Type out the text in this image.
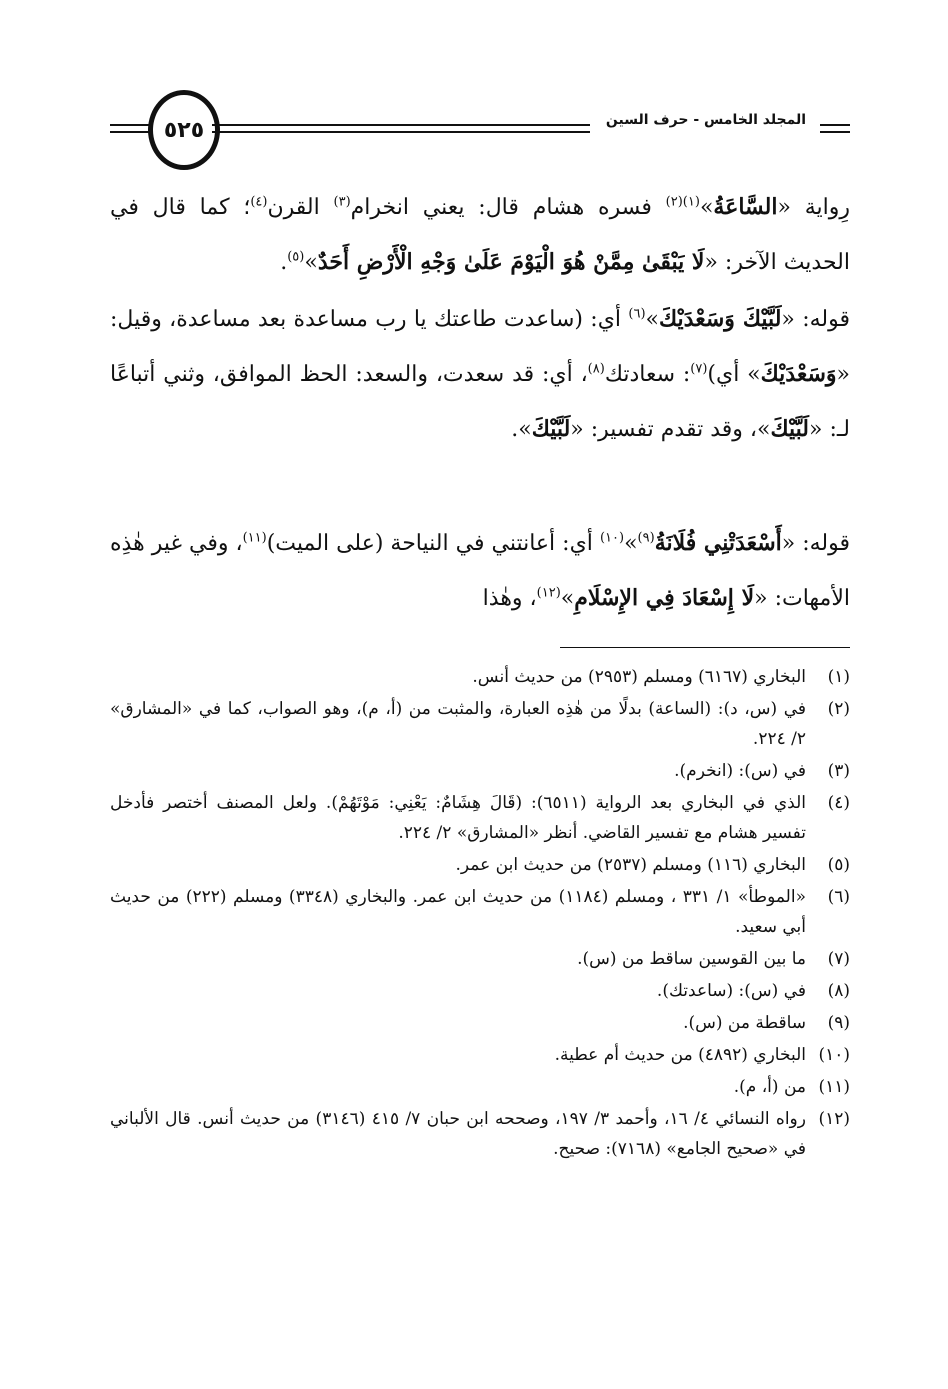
٥٢٥	المجلد الخامس - حرف السين
رِواية «السَّاعَةُ»$^{(١)(٢)}$ فسره هشام قال: يعني انخرام$^{(٣)}$ القرن$^{(٤)}$؛ كما قال في الحديث الآخر: «لَا يَبْقَىٰ مِمَّنْ هُوَ الْيَوْمَ عَلَىٰ وَجْهِ الْأَرْضِ أَحَدٌ»$^{(٥)}$.
قوله: «لَبَّيْكَ وَسَعْدَيْكَ»$^{(٦)}$ أي: (ساعدت طاعتك يا رب مساعدة بعد مساعدة، وقيل: «وَسَعْدَيْكَ» أي)$^{(٧)}$: سعادتك$^{(٨)}$، أي: قد سعدت، والسعد: الحظ الموافق، وثني أتباعًا لـ: «لَبَّيْكَ»، وقد تقدم تفسير: «لَبَّيْكَ».
قوله: «أَسْعَدَتْنِي فُلَانَةُ$^{(٩)}$»$^{(١٠)}$ أي: أعانتني في النياحة (على الميت)$^{(١١)}$، وفي غير هٰذِه الأمهات: «لَا إِسْعَادَ فِي الإِسْلَامِ»$^{(١٢)}$، وهٰذا
(١)
البخاري (٦١٦٧) ومسلم (٢٩٥٣) من حديث أنس.
(٢)
في (س، د): (الساعة) بدلًا من هٰذِه العبارة، والمثبت من (أ، م)، وهو الصواب، كما في «المشارق» ٢/ ٢٢٤.
(٣)
في (س): (انخرم).
(٤)
الذي في البخاري بعد الرواية (٦٥١١): (قَالَ هِشَامٌ: يَعْنِي: مَوْتَهُمْ). ولعل المصنف أختصر فأدخل تفسير هشام مع تفسير القاضي. أنظر «المشارق» ٢/ ٢٢٤.
(٥)
البخاري (١١٦) ومسلم (٢٥٣٧) من حديث ابن عمر.
(٦)
«الموطأ» ١/ ٣٣١ ، ومسلم (١١٨٤) من حديث ابن عمر. والبخاري (٣٣٤٨) ومسلم (٢٢٢) من حديث أبي سعيد.
(٧)
ما بين القوسين ساقط من (س).
(٨)
في (س): (ساعدتك).
(٩)
ساقطة من (س).
(١٠)
البخاري (٤٨٩٢) من حديث أم عطية.
(١١)
من (أ، م).
(١٢)
رواه النسائي ٤/ ١٦، وأحمد ٣/ ١٩٧، وصححه ابن حبان ٧/ ٤١٥ (٣١٤٦) من حديث أنس. قال الألباني في «صحيح الجامع» (٧١٦٨): صحيح.
